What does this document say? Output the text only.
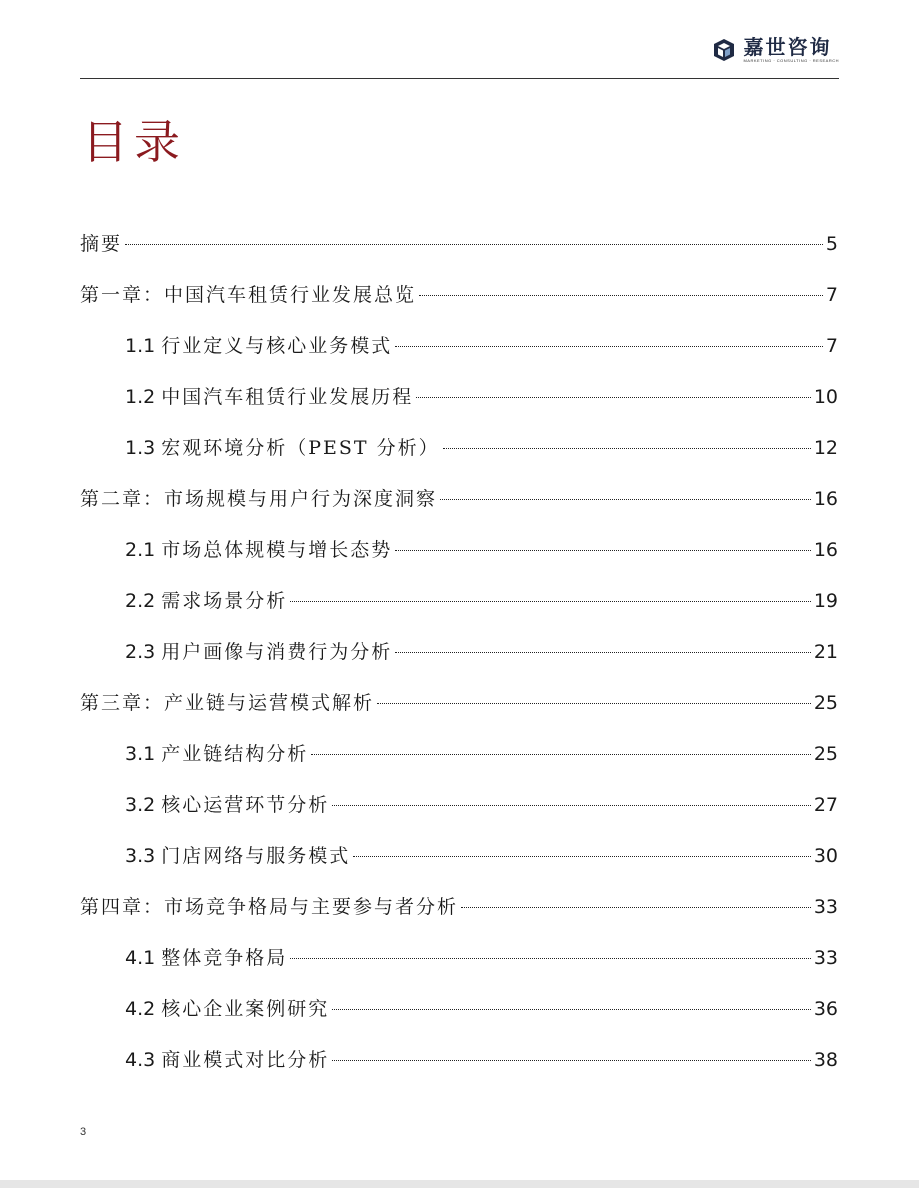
嘉世咨询
MARKETING · CONSULTING · RESEARCH
目录
摘要	5
第一章：中国汽车租赁行业发展总览	7
1.1 行业定义与核心业务模式	7
1.2 中国汽车租赁行业发展历程	10
1.3 宏观环境分析（PEST 分析）	12
第二章：市场规模与用户行为深度洞察	16
2.1 市场总体规模与增长态势	16
2.2 需求场景分析	19
2.3 用户画像与消费行为分析	21
第三章：产业链与运营模式解析	25
3.1 产业链结构分析	25
3.2 核心运营环节分析	27
3.3 门店网络与服务模式	30
第四章：市场竞争格局与主要参与者分析	33
4.1 整体竞争格局	33
4.2 核心企业案例研究	36
4.3 商业模式对比分析	38
3
